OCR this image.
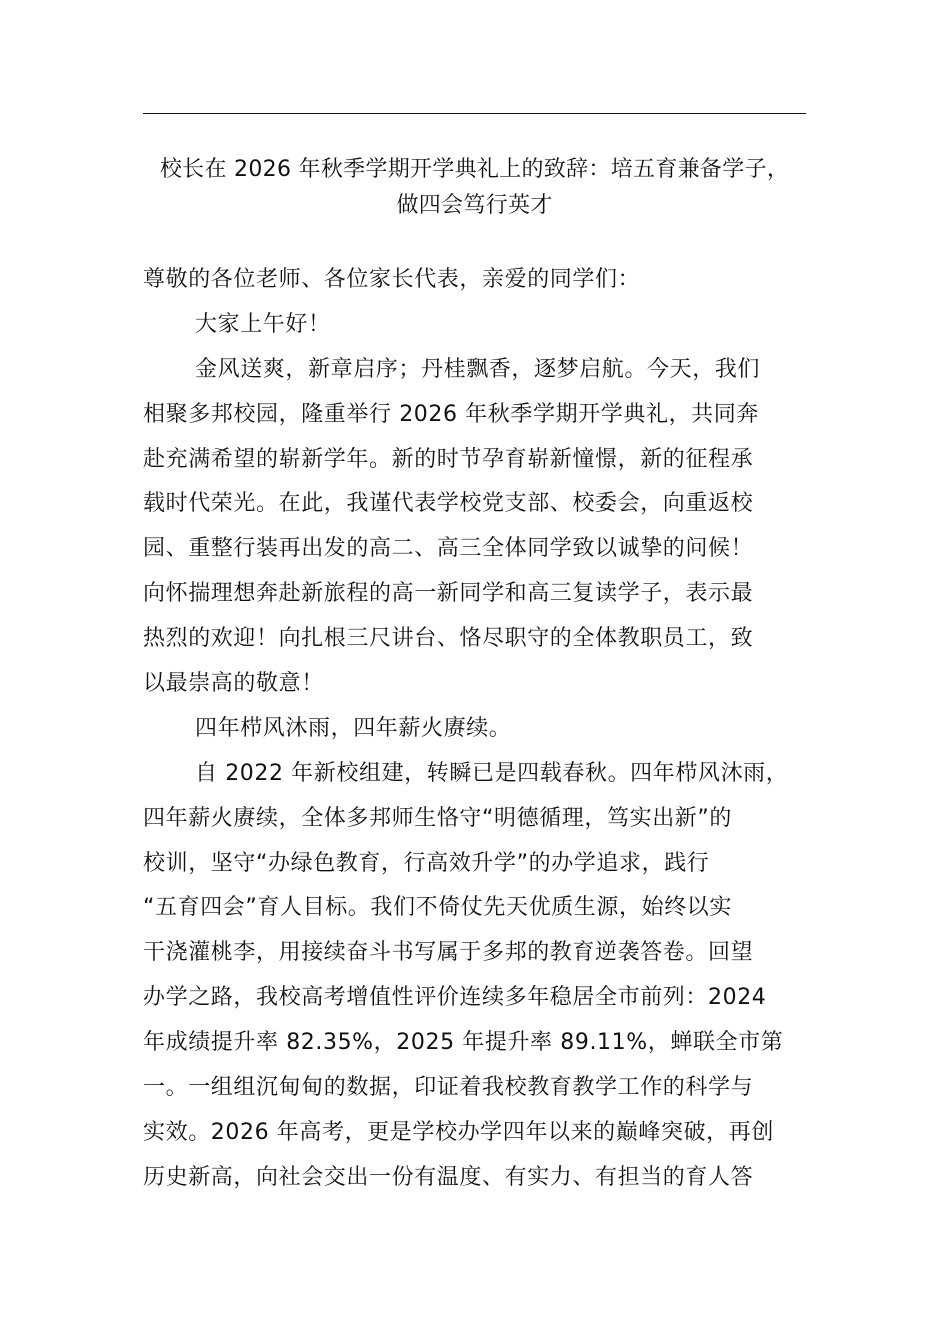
校长在 2026 年秋季学期开学典礼上的致辞：培五育兼备学子，
做四会笃行英才
尊敬的各位老师、各位家长代表，亲爱的同学们：
大家上午好！
金风送爽，新章启序；丹桂飘香，逐梦启航。今天，我们
相聚多邦校园，隆重举行 2026 年秋季学期开学典礼，共同奔
赴充满希望的崭新学年。新的时节孕育崭新憧憬，新的征程承
载时代荣光。在此，我谨代表学校党支部、校委会，向重返校
园、重整行装再出发的高二、高三全体同学致以诚挚的问候！
向怀揣理想奔赴新旅程的高一新同学和高三复读学子，表示最
热烈的欢迎！向扎根三尺讲台、恪尽职守的全体教职员工，致
以最崇高的敬意！
四年栉风沐雨，四年薪火赓续。
自 2022 年新校组建，转瞬已是四载春秋。四年栉风沐雨，
四年薪火赓续，全体多邦师生恪守“明德循理，笃实出新”的
校训，坚守“办绿色教育，行高效升学”的办学追求，践行
“五育四会”育人目标。我们不倚仗先天优质生源，始终以实
干浇灌桃李，用接续奋斗书写属于多邦的教育逆袭答卷。回望
办学之路，我校高考增值性评价连续多年稳居全市前列：2024
年成绩提升率 82.35%，2025 年提升率 89.11%，蝉联全市第
一。一组组沉甸甸的数据，印证着我校教育教学工作的科学与
实效。2026 年高考，更是学校办学四年以来的巅峰突破，再创
历史新高，向社会交出一份有温度、有实力、有担当的育人答
